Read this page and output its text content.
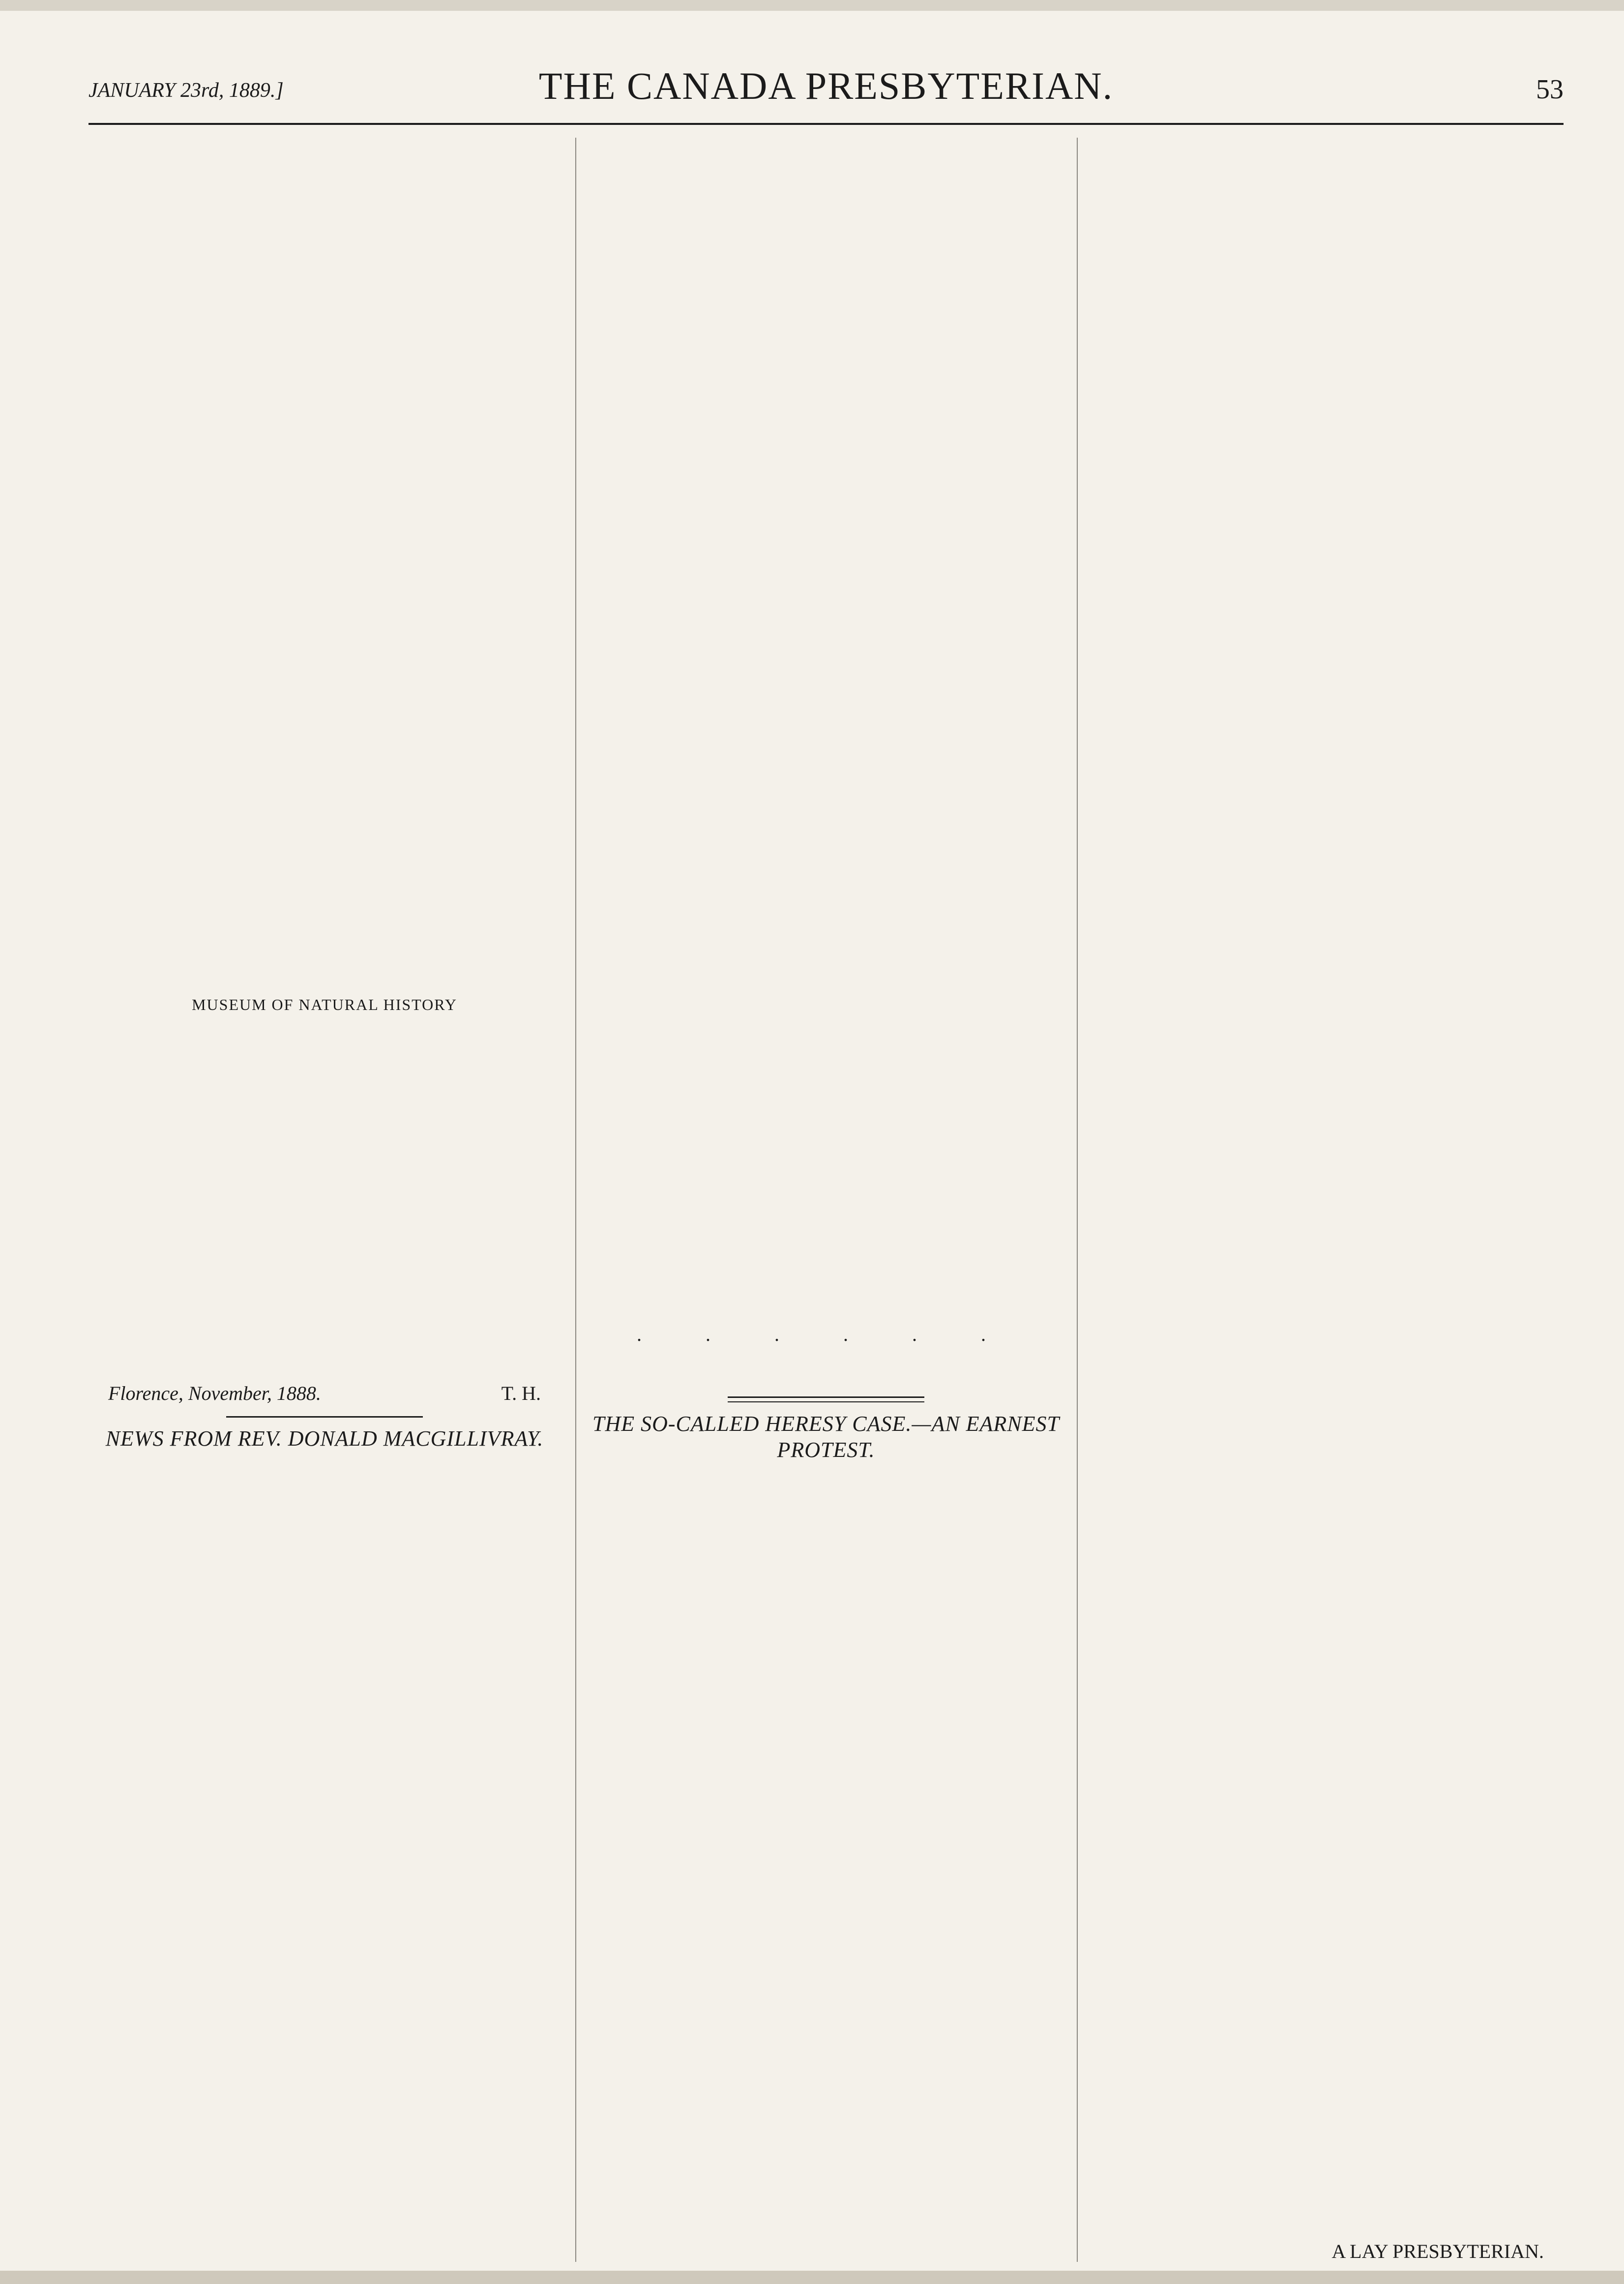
JANUARY 23rd, 1889.]	THE CANADA PRESBYTERIAN.	53
MUSEUM OF NATURAL HISTORY
Florence, November, 1888.	T. H.
NEWS FROM REV. DONALD MACGILLIVRAY.
. . . . . .
THE SO-CALLED HERESY CASE.—AN EARNEST PROTEST.
A LAY PRESBYTERIAN.
